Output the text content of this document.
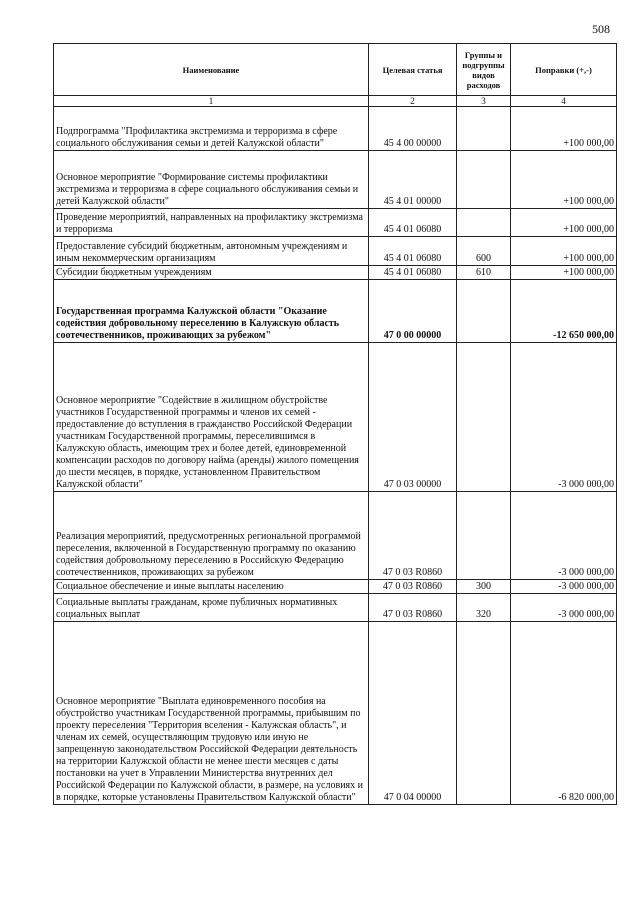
508
Наименование	Целевая статья	Группы и подгруппы видов расходов	Поправки (+,-)
1	2	3	4
Подпрограмма "Профилактика экстремизма и терроризма в сфере социального обслуживания семьи и детей Калужской области"	45 4 00 00000		+100 000,00
Основное мероприятие "Формирование системы профилактики экстремизма и терроризма в сфере социального обслуживания семьи и детей Калужской области"	45 4 01 00000		+100 000,00
Проведение мероприятий, направленных на профилактику экстремизма и терроризма	45 4 01 06080		+100 000,00
Предоставление субсидий бюджетным, автономным учреждениям и иным некоммерческим организациям	45 4 01 06080	600	+100 000,00
Субсидии бюджетным учреждениям	45 4 01 06080	610	+100 000,00
Государственная программа Калужской области "Оказание содействия добровольному переселению в Калужскую область соотечественников, проживающих за рубежом"	47 0 00 00000		-12 650 000,00
Основное мероприятие "Содействие в жилищном обустройстве участников Государственной программы и членов их семей - предоставление до вступления в гражданство Российской Федерации участникам Государственной программы, переселившимся в Калужскую область, имеющим трех и более детей, единовременной компенсации расходов по договору найма (аренды) жилого помещения до шести месяцев, в порядке, установленном Правительством Калужской области"	47 0 03 00000		-3 000 000,00
Реализация мероприятий, предусмотренных региональной программой переселения, включенной в Государственную программу по оказанию содействия добровольному переселению в Российскую Федерацию соотечественников, проживающих за рубежом	47 0 03 R0860		-3 000 000,00
Социальное обеспечение и иные выплаты населению	47 0 03 R0860	300	-3 000 000,00
Социальные выплаты гражданам, кроме публичных нормативных социальных выплат	47 0 03 R0860	320	-3 000 000,00
Основное мероприятие "Выплата единовременного пособия на обустройство участникам Государственной программы, прибывшим по проекту переселения "Территория вселения - Калужская область", и членам их семей, осуществляющим трудовую или иную не запрещенную законодательством Российской Федерации деятельность на территории Калужской области не менее шести месяцев с даты постановки на учет в Управлении Министерства внутренних дел Российской Федерации по Калужской области, в размере, на условиях и в порядке, которые установлены Правительством Калужской области"	47 0 04 00000		-6 820 000,00
